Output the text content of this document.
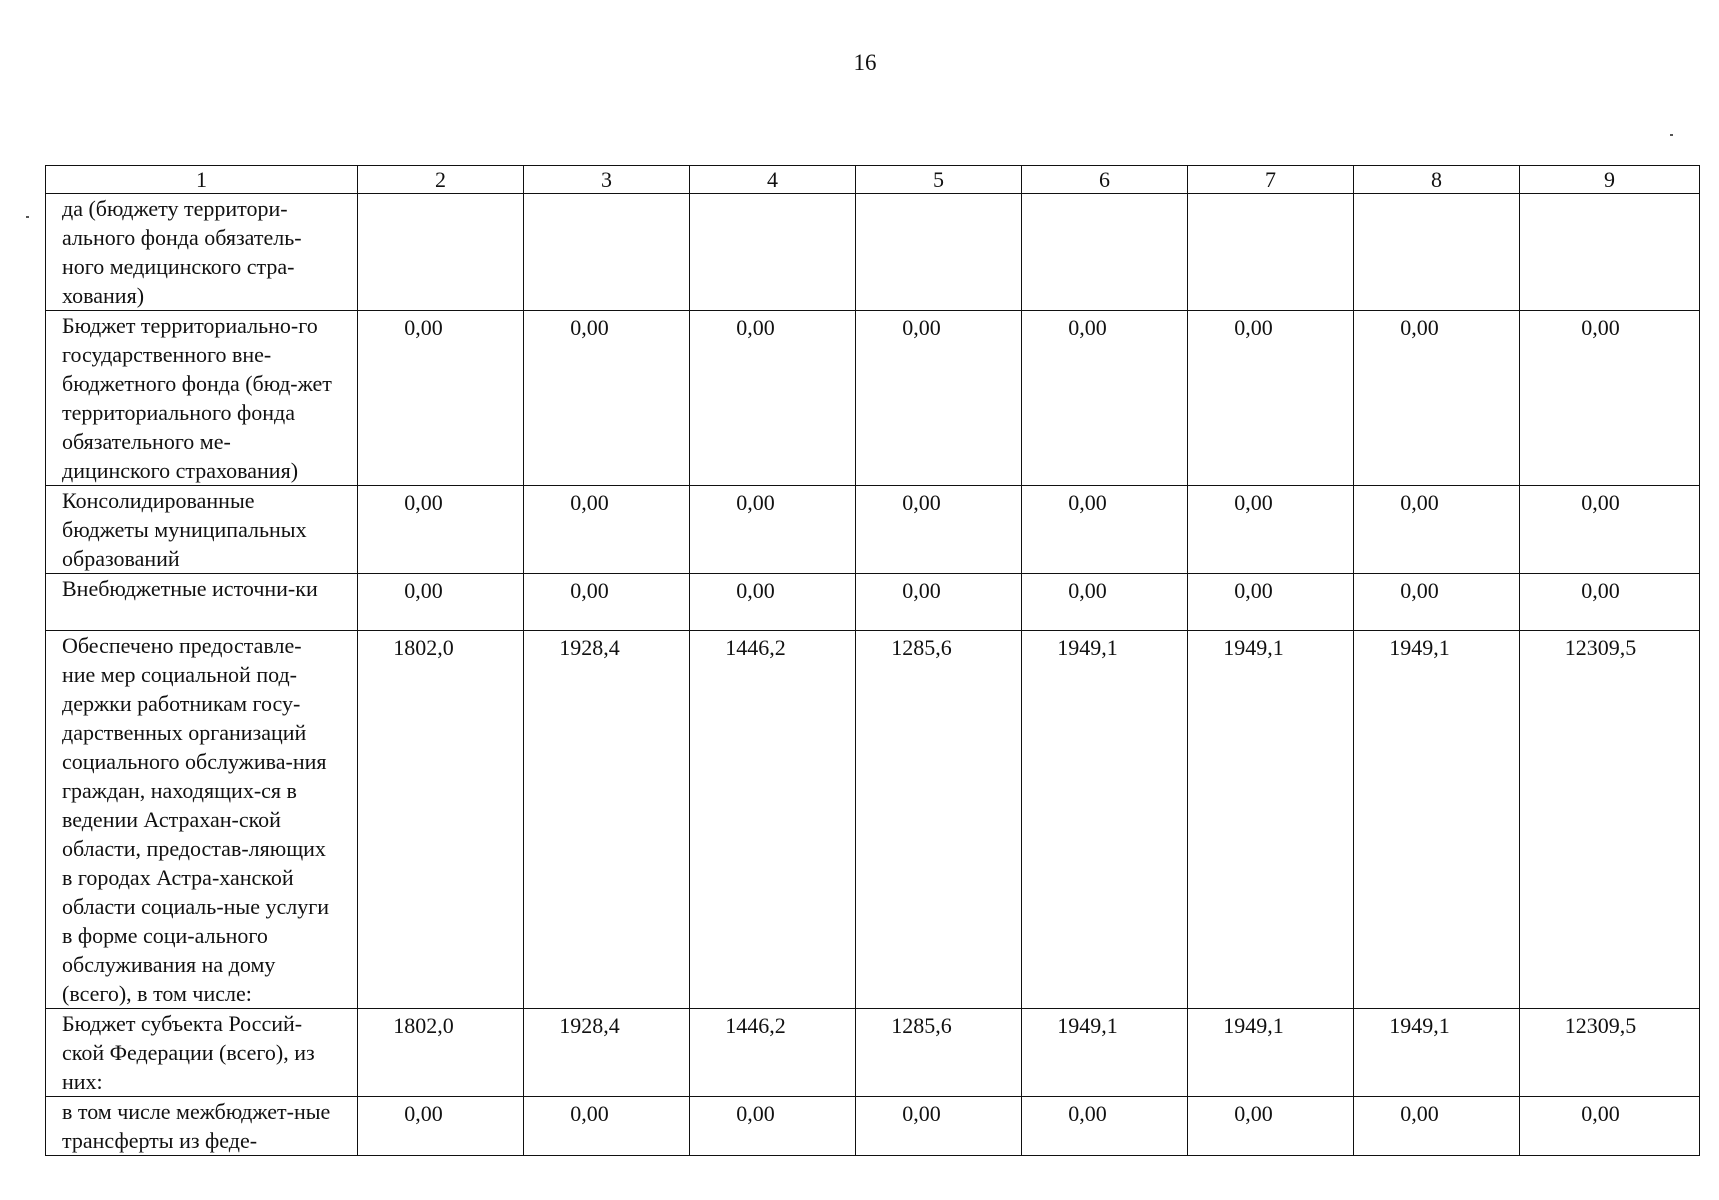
16
1	2	3	4	5	6	7	8	9

да (бюджету территори-ального фонда обязатель-ного медицинского стра-хования)								

Бюджет территориально-го государственного вне-бюджетного фонда (бюд-жет территориального фонда обязательного ме-дицинского страхования)	0,00	0,00	0,00	0,00	0,00	0,00	0,00	0,00

Консолидированные бюджеты муниципальных образований	0,00	0,00	0,00	0,00	0,00	0,00	0,00	0,00

Внебюджетные источни-ки	0,00	0,00	0,00	0,00	0,00	0,00	0,00	0,00

Обеспечено предоставле-ние мер социальной под-держки работникам госу-дарственных организаций социального обслужива-ния граждан, находящих-ся в ведении Астрахан-ской области, предостав-ляющих в городах Астра-ханской области социаль-ные услуги в форме соци-ального обслуживания на дому (всего), в том числе:	1802,0	1928,4	1446,2	1285,6	1949,1	1949,1	1949,1	12309,5

Бюджет субъекта Россий-ской Федерации (всего), из них:	1802,0	1928,4	1446,2	1285,6	1949,1	1949,1	1949,1	12309,5

в том числе межбюджет-ные трансферты из феде-	0,00	0,00	0,00	0,00	0,00	0,00	0,00	0,00
